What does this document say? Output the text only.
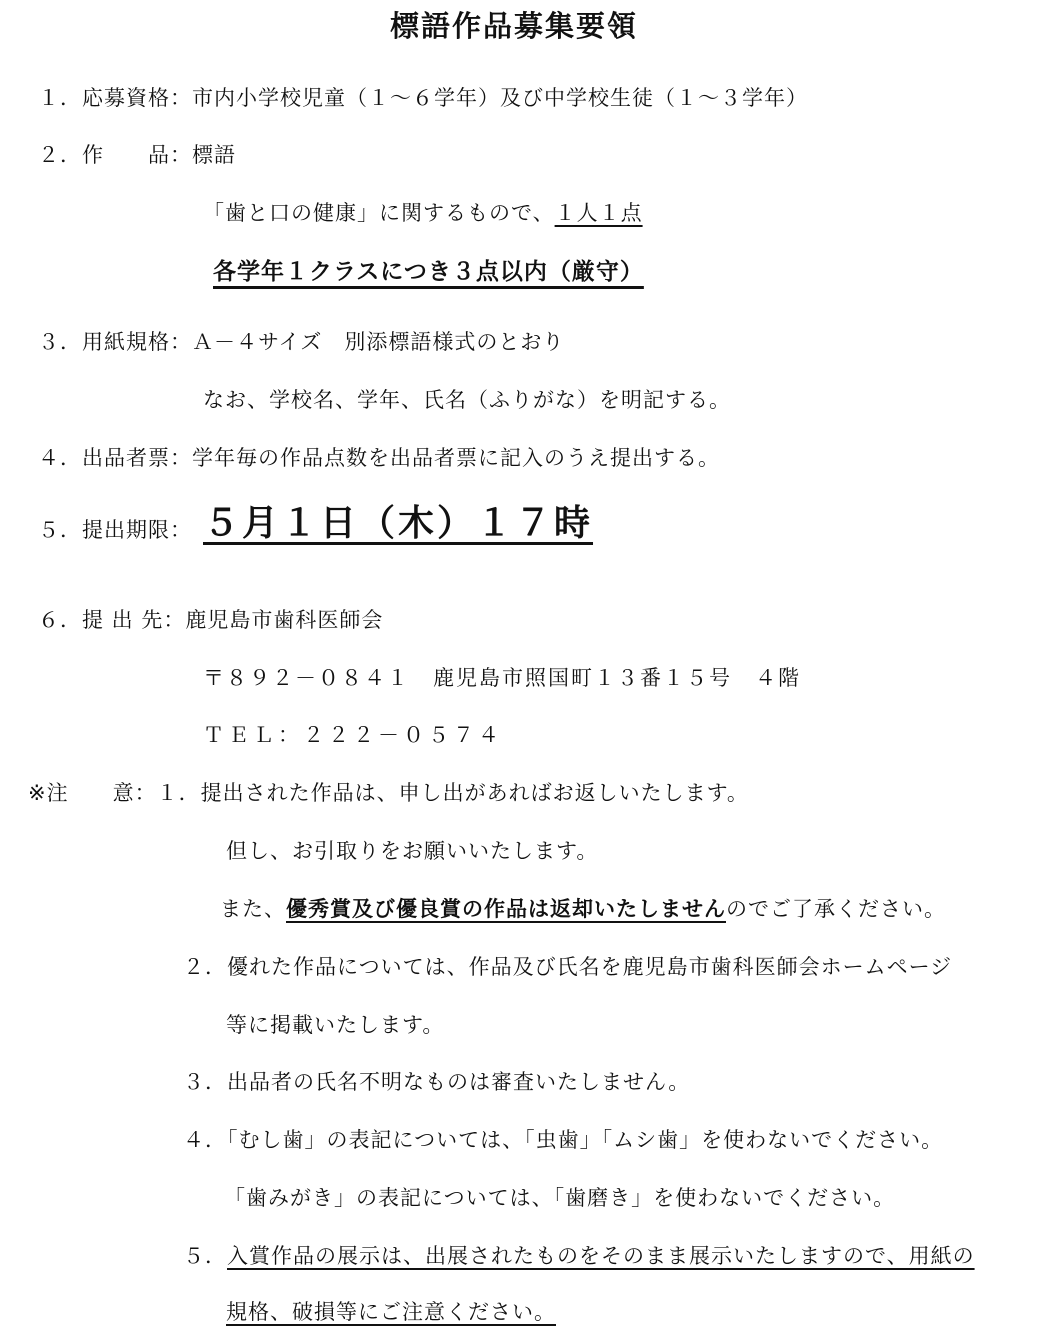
標語作品募集要領
１．応募資格：市内小学校児童（１～６学年）及び中学校生徒（１～３学年）
２．作　　品：標語
「歯と口の健康」に関するもので、１人１点
各学年１クラスにつき３点以内（厳守）
３．用紙規格：Ａ－４サイズ　別添標語様式のとおり
なお、学校名、学年、氏名（ふりがな）を明記する。
４．出品者票：学年毎の作品点数を出品者票に記入のうえ提出する。
５．提出期限： ５月１日（木）１７時
６．提 出 先：鹿児島市歯科医師会
〒８９２－０８４１　鹿児島市照国町１３番１５号　４階
ＴＥＬ：２２２－０５７４
※注　　意：１．提出された作品は、申し出があればお返しいたします。
但し、お引取りをお願いいたします。
また、優秀賞及び優良賞の作品は返却いたしませんのでご了承ください。
２．優れた作品については、作品及び氏名を鹿児島市歯科医師会ホームページ
等に掲載いたします。
３．出品者の氏名不明なものは審査いたしません。
４．「むし歯」の表記については、「虫歯」「ムシ歯」を使わないでください。
「歯みがき」の表記については、「歯磨き」を使わないでください。
５．入賞作品の展示は、出展されたものをそのまま展示いたしますので、用紙の
規格、破損等にご注意ください。
